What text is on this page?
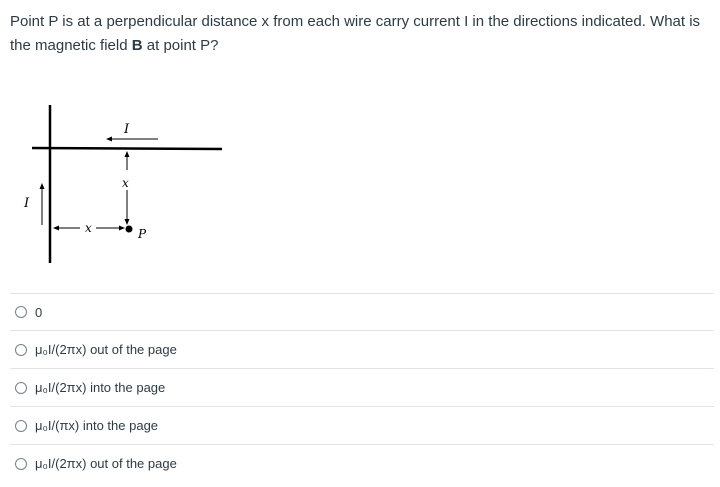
Point P is at a perpendicular distance x from each wire carry current I in the directions indicated. What is the magnetic field B at point P?
I
I
x
x	P
0
μ₀I/(2πx) out of the page
μ₀I/(2πx) into the page
μ₀I/(πx) into the page
μ₀I/(2πx) out of the page
